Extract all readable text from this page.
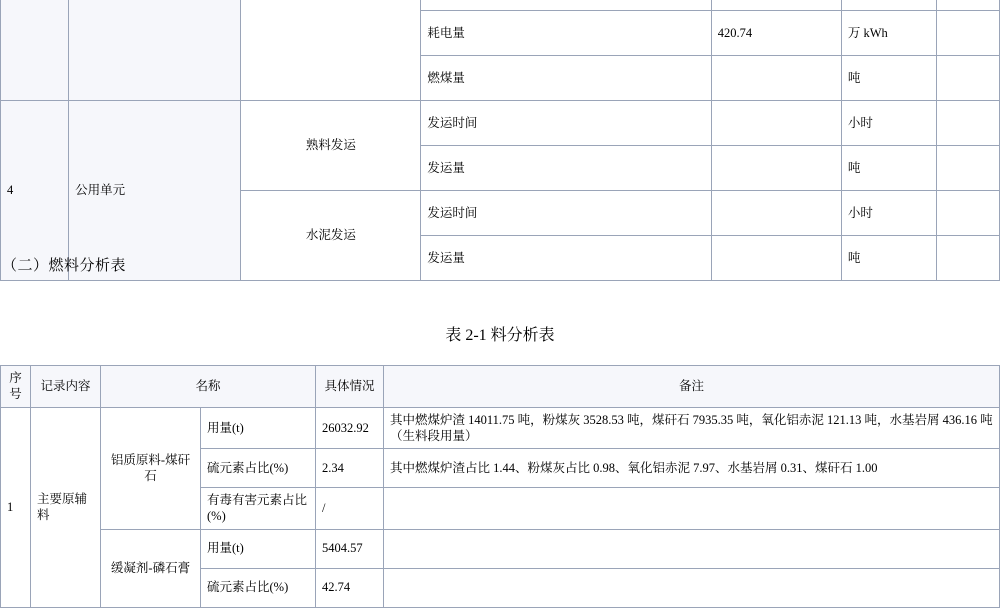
			耗电量	420.74	万 kWh	
			燃煤量		吨	
4	公用单元	熟料发运	发运时间		小时	
			发运量		吨	
		水泥发运	发运时间		小时	
			发运量		吨	
（二）燃料分析表
表 2-1 料分析表
序号	记录内容	名称		具体情况	备注
1	主要原辅料	铝质原料-煤矸石	用量(t)	26032.92	其中燃煤炉渣 14011.75 吨，粉煤灰 3528.53 吨，煤矸石 7935.35 吨，氧化铝赤泥 121.13 吨，水基岩屑 436.16 吨（生料段用量）
			硫元素占比(%)	2.34	其中燃煤炉渣占比 1.44、粉煤灰占比 0.98、氧化铝赤泥 7.97、水基岩屑 0.31、煤矸石 1.00
			有毒有害元素占比(%)	/	
		缓凝剂-磷石膏	用量(t)	5404.57	
			硫元素占比(%)	42.74	
